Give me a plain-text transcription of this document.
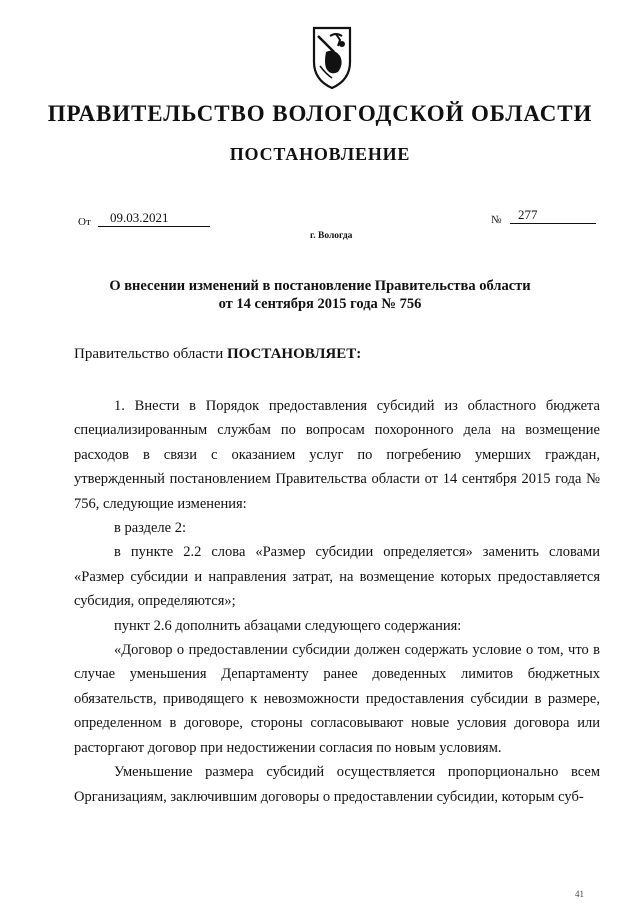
ПРАВИТЕЛЬСТВО ВОЛОГОДСКОЙ ОБЛАСТИ
ПОСТАНОВЛЕНИЕ
От 09.03.2021	№ 277
г. Вологда
О внесении изменений в постановление Правительства области
от 14 сентября 2015 года № 756
Правительство области ПОСТАНОВЛЯЕТ:

1. Внести в Порядок предоставления субсидий из областного бюджета специализированным службам по вопросам похоронного дела на возмещение расходов в связи с оказанием услуг по погребению умерших граждан, утвержденный постановлением Правительства области от 14 сентября 2015 года № 756, следующие изменения:

в разделе 2:

в пункте 2.2 слова «Размер субсидии определяется» заменить словами «Размер субсидии и направления затрат, на возмещение которых предоставляется субсидия, определяются»;

пункт 2.6 дополнить абзацами следующего содержания:

«Договор о предоставлении субсидии должен содержать условие о том, что в случае уменьшения Департаменту ранее доведенных лимитов бюджетных обязательств, приводящего к невозможности предоставления субсидии в размере, определенном в договоре, стороны согласовывают новые условия договора или расторгают договор при недостижении согласия по новым условиям.

Уменьшение размера субсидий осуществляется пропорционально всем Организациям, заключившим договоры о предоставлении субсидии, которым суб-

41
